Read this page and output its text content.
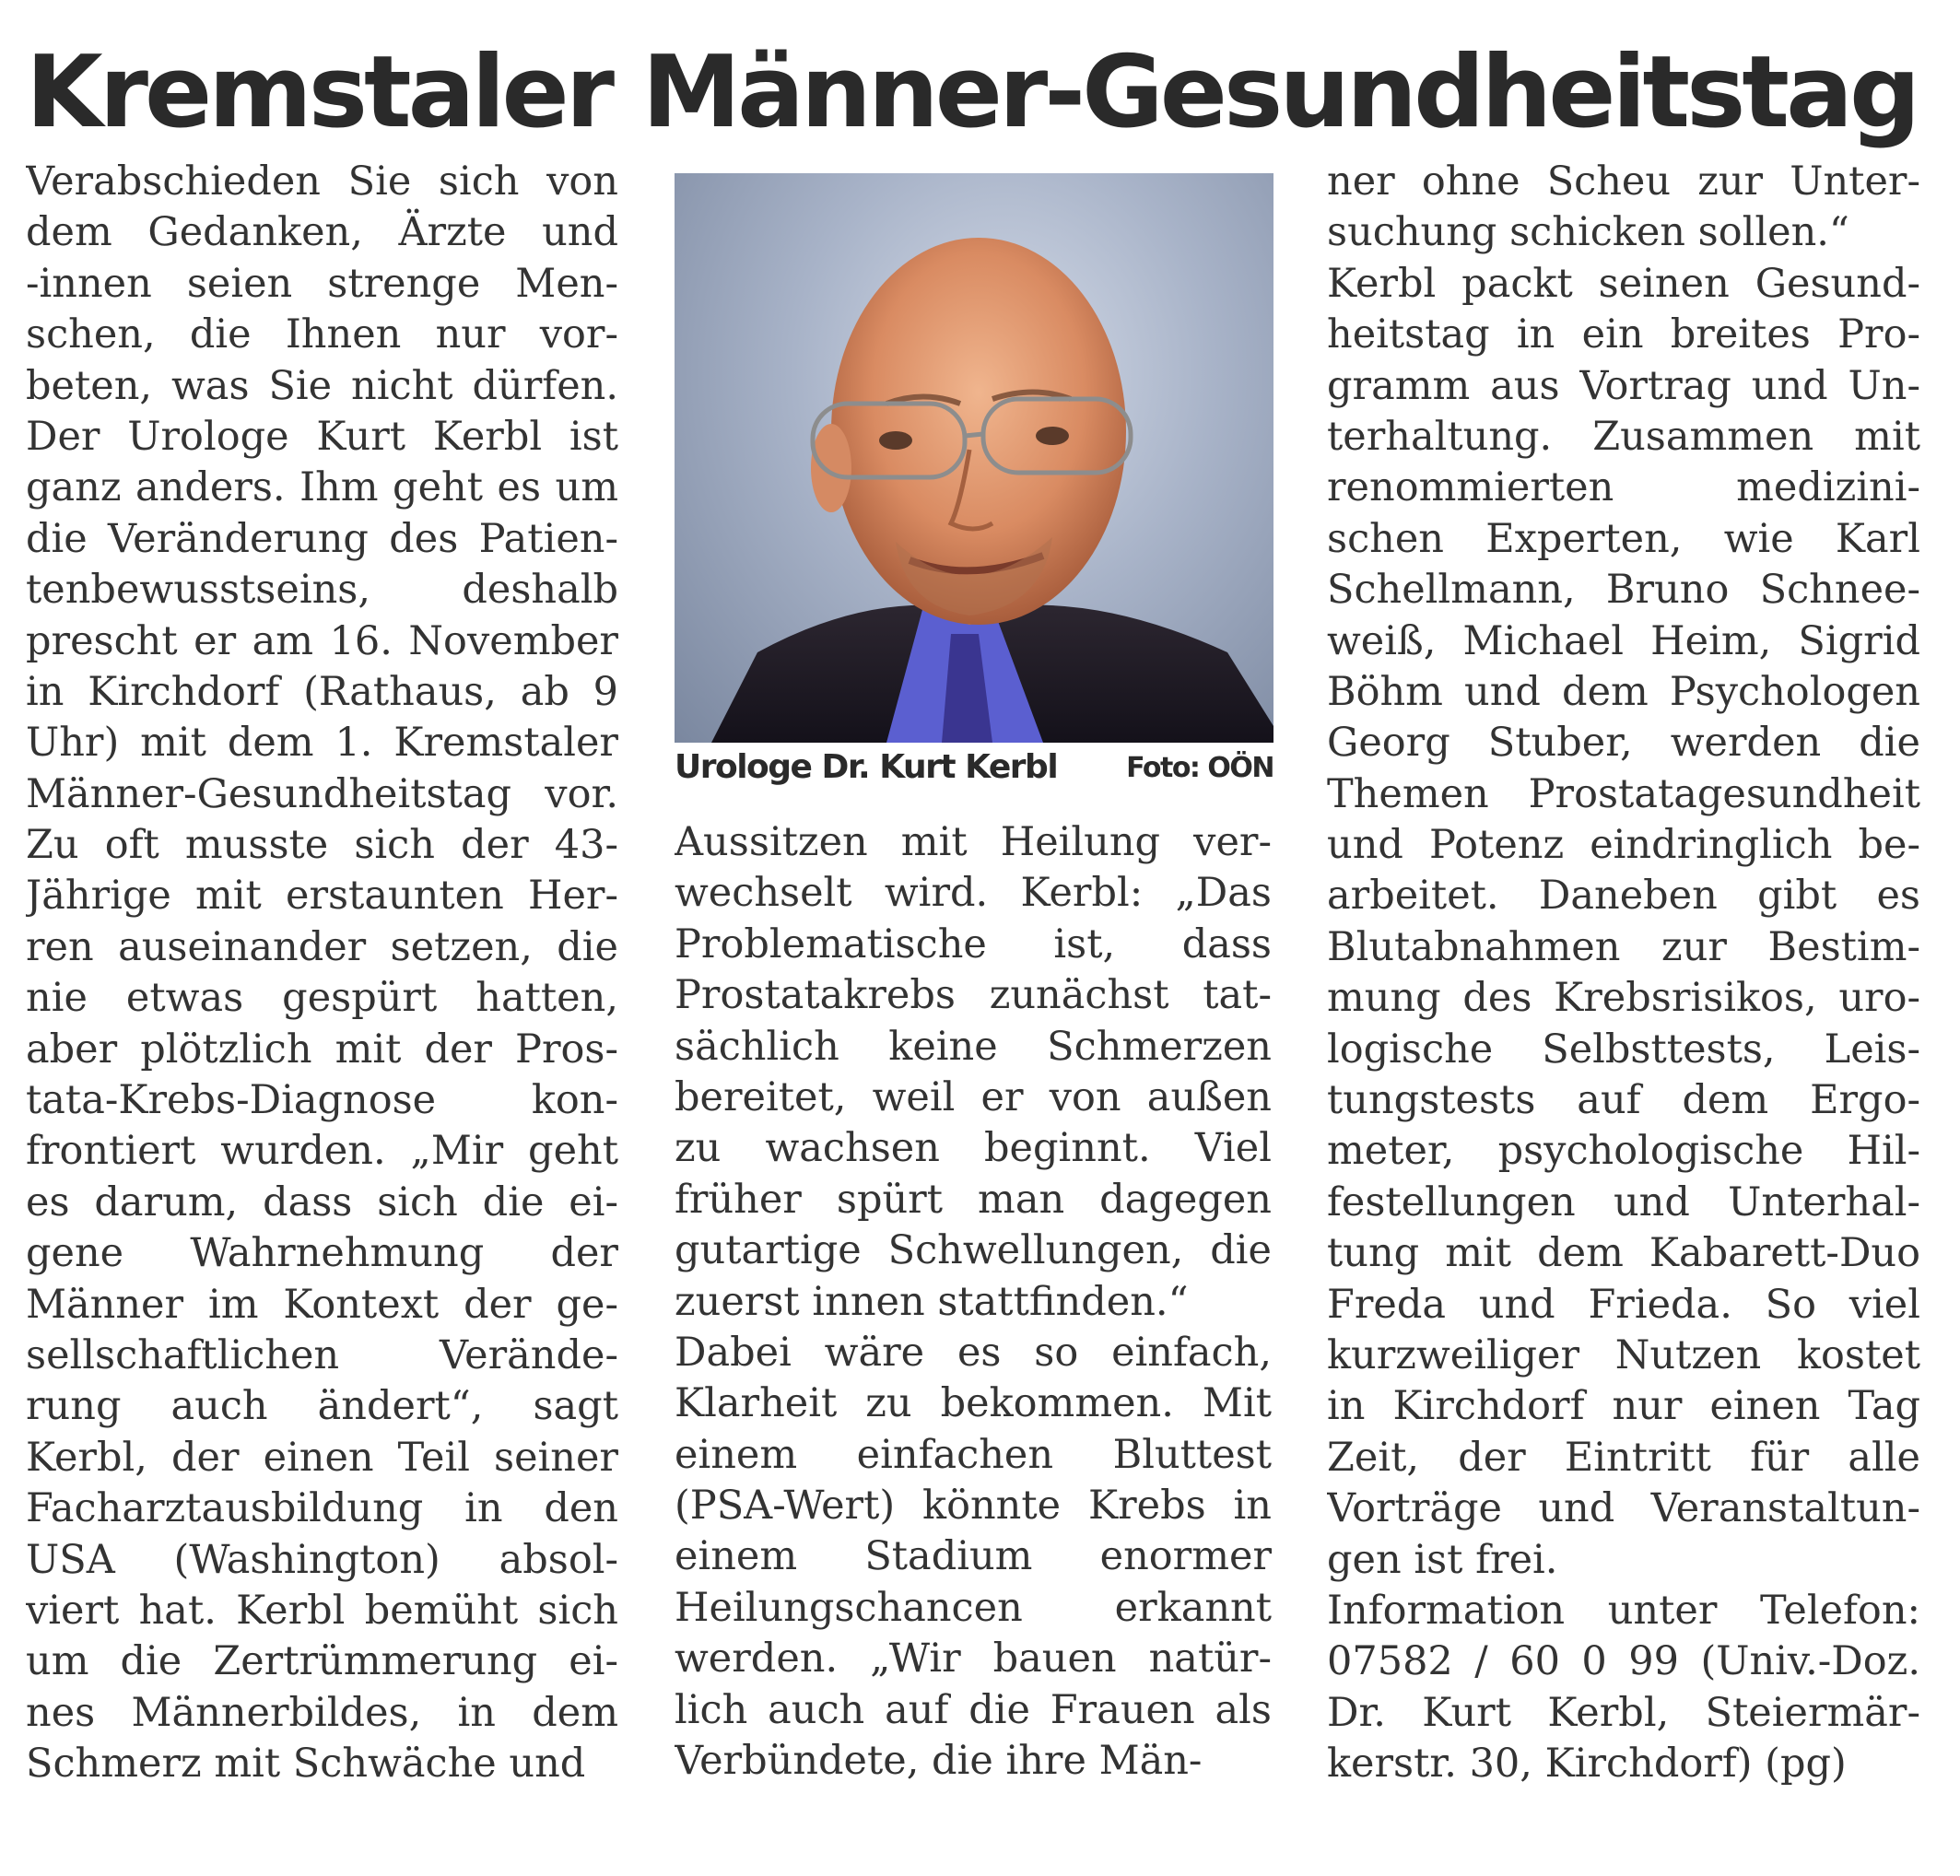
Kremstaler Männer-Gesundheitstag
Verabschieden Sie sich von
dem Gedanken, Ärzte und
-innen seien strenge Men-
schen, die Ihnen nur vor-
beten, was Sie nicht dürfen.
Der Urologe Kurt Kerbl ist
ganz anders. Ihm geht es um
die Veränderung des Patien-
tenbewusstseins, deshalb
prescht er am 16. November
in Kirchdorf (Rathaus, ab 9
Uhr) mit dem 1. Kremstaler
Männer-Gesundheitstag vor.
Zu oft musste sich der 43-
Jährige mit erstaunten Her-
ren auseinander setzen, die
nie etwas gespürt hatten,
aber plötzlich mit der Pros-
tata-Krebs-Diagnose kon-
frontiert wurden. „Mir geht
es darum, dass sich die ei-
gene Wahrnehmung der
Männer im Kontext der ge-
sellschaftlichen Verände-
rung auch ändert“, sagt
Kerbl, der einen Teil seiner
Facharztausbildung in den
USA (Washington) absol-
viert hat. Kerbl bemüht sich
um die Zertrümmerung ei-
nes Männerbildes, in dem
Schmerz mit Schwäche und
Urologe Dr. Kurt Kerbl Foto: OÖN
Aussitzen mit Heilung ver-
wechselt wird. Kerbl: „Das
Problematische ist, dass
Prostatakrebs zunächst tat-
sächlich keine Schmerzen
bereitet, weil er von außen
zu wachsen beginnt. Viel
früher spürt man dagegen
gutartige Schwellungen, die
zuerst innen stattfinden.“
Dabei wäre es so einfach,
Klarheit zu bekommen. Mit
einem einfachen Bluttest
(PSA-Wert) könnte Krebs in
einem Stadium enormer
Heilungschancen erkannt
werden. „Wir bauen natür-
lich auch auf die Frauen als
Verbündete, die ihre Män-
ner ohne Scheu zur Unter-
suchung schicken sollen.“
Kerbl packt seinen Gesund-
heitstag in ein breites Pro-
gramm aus Vortrag und Un-
terhaltung. Zusammen mit
renommierten medizini-
schen Experten, wie Karl
Schellmann, Bruno Schnee-
weiß, Michael Heim, Sigrid
Böhm und dem Psychologen
Georg Stuber, werden die
Themen Prostatagesundheit
und Potenz eindringlich be-
arbeitet. Daneben gibt es
Blutabnahmen zur Bestim-
mung des Krebsrisikos, uro-
logische Selbsttests, Leis-
tungstests auf dem Ergo-
meter, psychologische Hil-
festellungen und Unterhal-
tung mit dem Kabarett-Duo
Freda und Frieda. So viel
kurzweiliger Nutzen kostet
in Kirchdorf nur einen Tag
Zeit, der Eintritt für alle
Vorträge und Veranstaltun-
gen ist frei.
Information unter Telefon:
07582 / 60 0 99 (Univ.-Doz.
Dr. Kurt Kerbl, Steiermär-
kerstr. 30, Kirchdorf) (pg)
